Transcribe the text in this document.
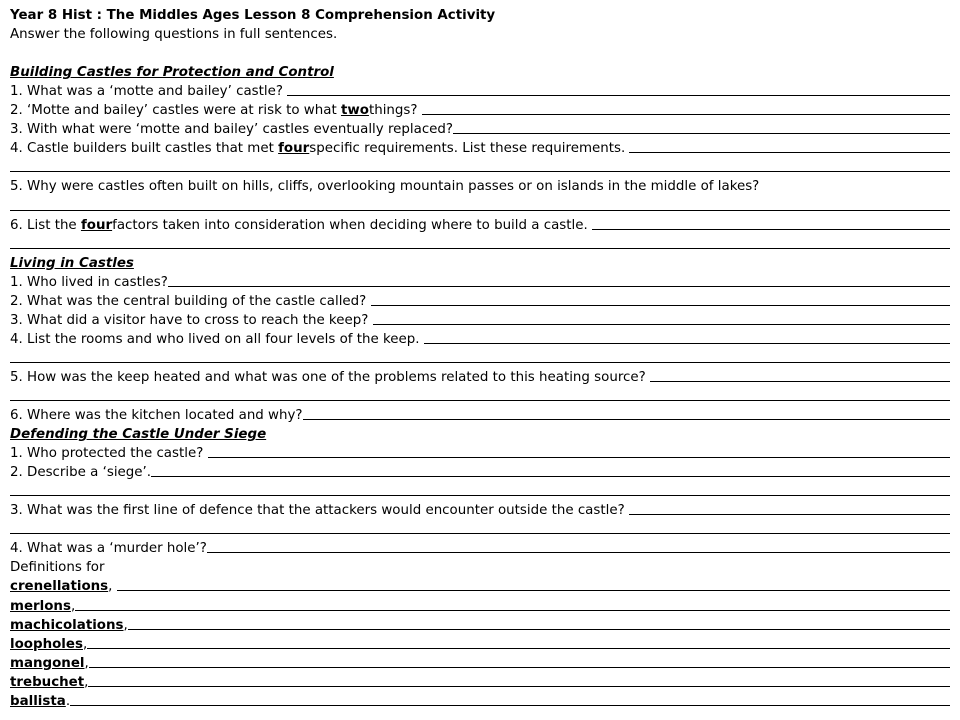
Year 8 Hist : The Middles Ages Lesson 8 Comprehension Activity
Answer the following questions in full sentences.
Building Castles for Protection and Control
1. What was a ‘motte and bailey’ castle?
2. ‘Motte and bailey’ castles were at risk to what two things?
3. With what were ‘motte and bailey’ castles eventually replaced?
4. Castle builders built castles that met four specific requirements. List these requirements.
5. Why were castles often built on hills, cliffs, overlooking mountain passes or on islands in the middle of lakes?
6. List the four factors taken into consideration when deciding where to build a castle.
Living in Castles
1. Who lived in castles?
2. What was the central building of the castle called?
3. What did a visitor have to cross to reach the keep?
4. List the rooms and who lived on all four levels of the keep.
5. How was the keep heated and what was one of the problems related to this heating source?
6. Where was the kitchen located and why?
Defending the Castle Under Siege
1. Who protected the castle?
2. Describe a ‘siege’.
3. What was the first line of defence that the attackers would encounter outside the castle?
4. What was a ‘murder hole’?
Definitions for
crenellations ,
merlons ,
machicolations ,
loopholes ,
mangonel ,
trebuchet ,
ballista .
